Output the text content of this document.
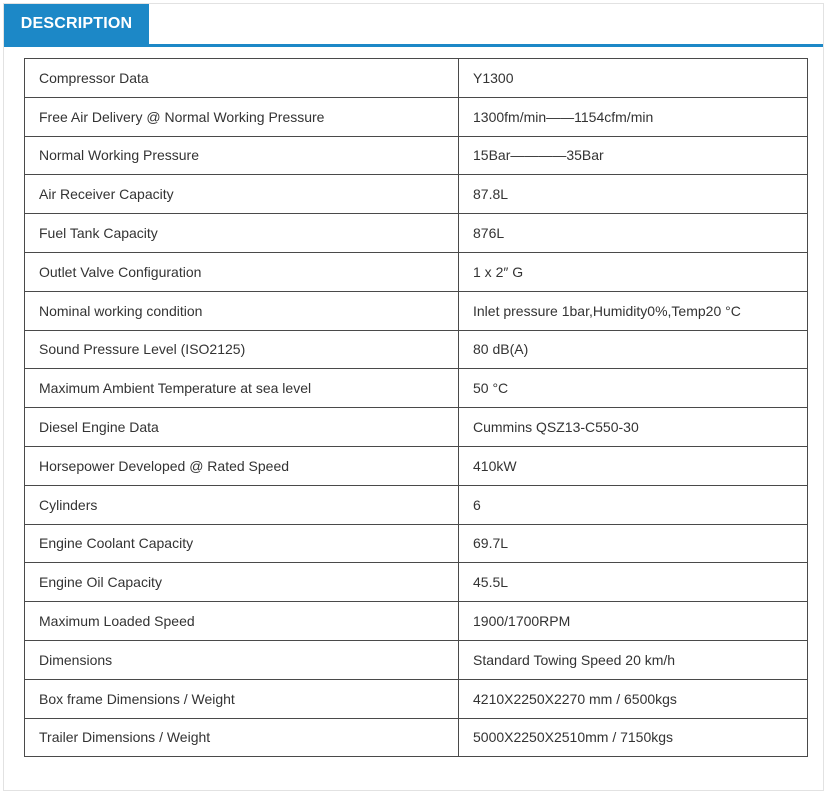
DESCRIPTION
Compressor Data	Y1300
Free Air Delivery @ Normal Working Pressure	1300fm/min——1154cfm/min
Normal Working Pressure	15Bar————35Bar
Air Receiver Capacity	87.8L
Fuel Tank Capacity	876L
Outlet Valve Configuration	1 x 2″ G
Nominal working condition	Inlet pressure 1bar,Humidity0%,Temp20 °C
Sound Pressure Level (ISO2125)	80 dB(A)
Maximum Ambient Temperature at sea level	50 °C
Diesel Engine Data	Cummins QSZ13-C550-30
Horsepower Developed @ Rated Speed	410kW
Cylinders	6
Engine Coolant Capacity	69.7L
Engine Oil Capacity	45.5L
Maximum Loaded Speed	1900/1700RPM
Dimensions	Standard Towing Speed 20 km/h
Box frame Dimensions / Weight	4210X2250X2270 mm / 6500kgs
Trailer Dimensions / Weight	5000X2250X2510mm / 7150kgs
